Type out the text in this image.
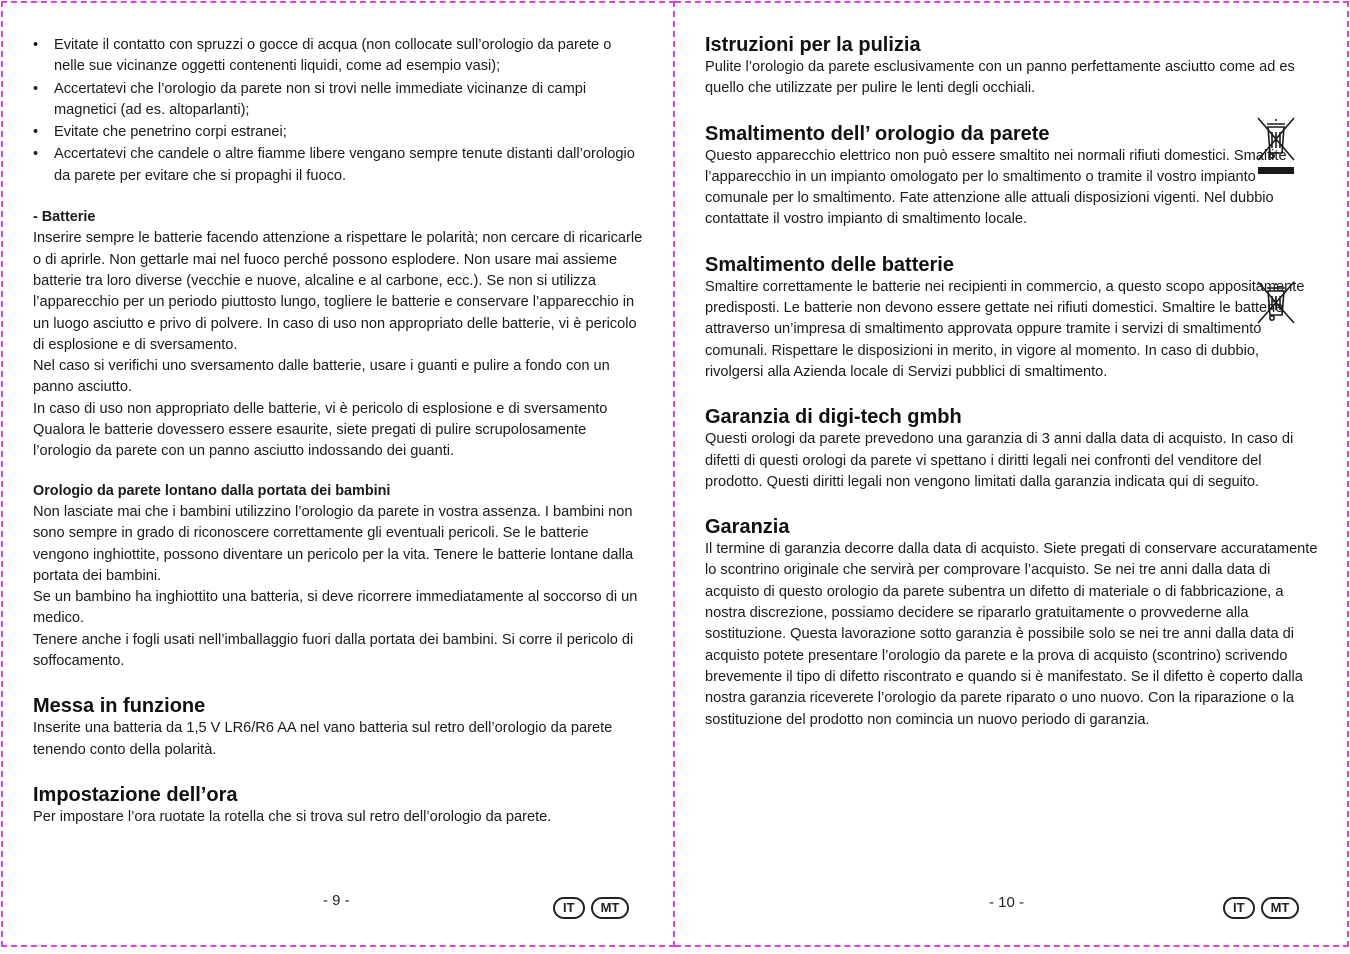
• Evitate il contatto con spruzzi o gocce di acqua (non collocate sull’orologio da parete o nelle sue vicinanze oggetti contenenti liquidi, come ad esempio vasi);
• Accertatevi che l’orologio da parete non si trovi nelle immediate vicinanze di campi magnetici (ad es. altoparlanti);
• Evitate che penetrino corpi estranei;
• Accertatevi che candele o altre fiamme libere vengano sempre tenute distanti dall’orologio da parete per evitare che si propaghi il fuoco.
- Batterie

Inserire sempre le batterie facendo attenzione a rispettare le polarità; non cercare di ricaricarle o di aprirle. Non gettarle mai nel fuoco perché possono esplodere. Non usare mai assieme batterie tra loro diverse (vecchie e nuove, alcaline e al carbone, ecc.). Se non si utilizza l’apparecchio per un periodo piuttosto lungo, togliere le batterie e conservare l’apparecchio in un luogo asciutto e privo di polvere. In caso di uso non appropriato delle batterie, vi è pericolo di esplosione e di sversamento.

Nel caso si verifichi uno sversamento dalle batterie, usare i guanti e pulire a fondo con un panno asciutto.

In caso di uso non appropriato delle batterie, vi è pericolo di esplosione e di sversamento Qualora le batterie dovessero essere esaurite, siete pregati di pulire scrupolosamente l’orologio da parete con un panno asciutto indossando dei guanti.

Orologio da parete lontano dalla portata dei bambini

Non lasciate mai che i bambini utilizzino l’orologio da parete in vostra assenza. I bambini non sono sempre in grado di riconoscere correttamente gli eventuali pericoli. Se le batterie vengono inghiottite, possono diventare un pericolo per la vita. Tenere le batterie lontane dalla portata dei bambini.

Se un bambino ha inghiottito una batteria, si deve ricorrere immediatamente al soccorso di un medico.

Tenere anche i fogli usati nell’imballaggio fuori dalla portata dei bambini. Si corre il pericolo di soffocamento.

Messa in funzione

Inserite una batteria da 1,5 V LR6/R6 AA nel vano batteria sul retro dell’orologio da parete tenendo conto della polarità.

Impostazione dell’ora

Per impostare l’ora ruotate la rotella che si trova sul retro dell’orologio da parete.

- 9 -	IT	MT
Istruzioni per la pulizia

Pulite l’orologio da parete esclusivamente con un panno perfettamente asciutto come ad es quello che utilizzate per pulire le lenti degli occhiali.

Smaltimento dell’ orologio da parete

Questo apparecchio elettrico non può essere smaltito nei normali rifiuti domestici. Smaltite l’apparecchio in un impianto omologato per lo smaltimento o tramite il vostro impianto comunale per lo smaltimento. Fate attenzione alle attuali disposizioni vigenti. Nel dubbio contattate il vostro impianto di smaltimento locale.

Smaltimento delle batterie

Smaltire correttamente le batterie nei recipienti in commercio, a questo scopo appositamente predisposti. Le batterie non devono essere gettate nei rifiuti domestici. Smaltire le batterie attraverso un’impresa di smaltimento approvata oppure tramite i servizi di smaltimento comunali. Rispettare le disposizioni in merito, in vigore al momento. In caso di dubbio, rivolgersi alla Azienda locale di Servizi pubblici di smaltimento.

Garanzia di digi-tech gmbh

Questi orologi da parete prevedono una garanzia di 3 anni dalla data di acquisto. In caso di difetti di questi orologi da parete vi spettano i diritti legali nei confronti del venditore del prodotto. Questi diritti legali non vengono limitati dalla garanzia indicata qui di seguito.

Garanzia

Il termine di garanzia decorre dalla data di acquisto. Siete pregati di conservare accuratamente lo scontrino originale che servirà per comprovare l’acquisto. Se nei tre anni dalla data di acquisto di questo orologio da parete subentra un difetto di materiale o di fabbricazione, a nostra discrezione, possiamo decidere se ripararlo gratuitamente o provvederne alla sostituzione. Questa lavorazione sotto garanzia è possibile solo se nei tre anni dalla data di acquisto potete presentare l’orologio da parete e la prova di acquisto (scontrino) scrivendo brevemente il tipo di difetto riscontrato e quando si è manifestato. Se il difetto è coperto dalla nostra garanzia riceverete l’orologio da parete riparato o uno nuovo. Con la riparazione o la sostituzione del prodotto non comincia un nuovo periodo di garanzia.

- 10 -	IT	MT
